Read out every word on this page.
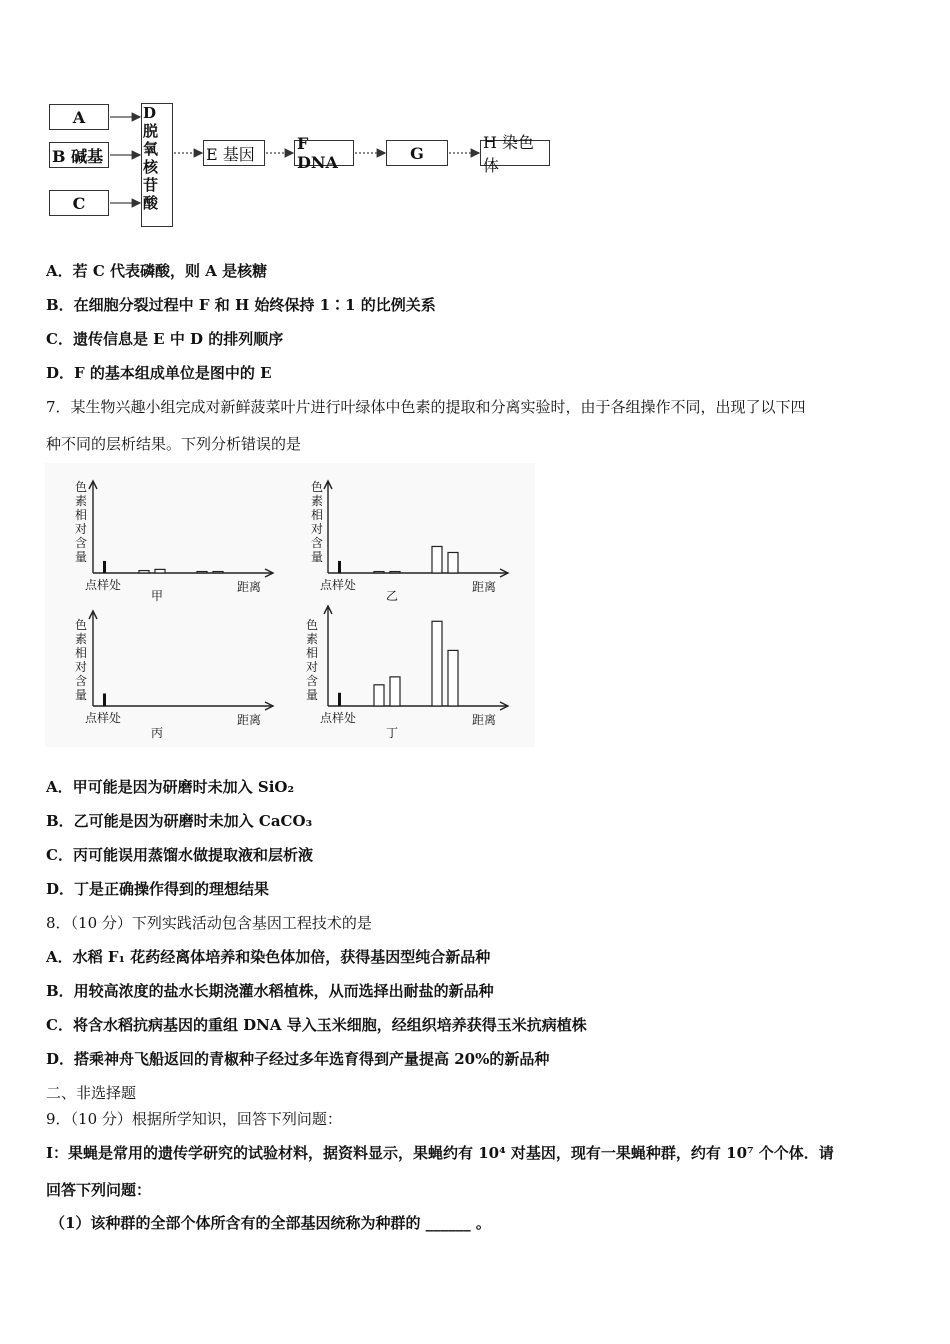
A
B 碱基
C
D
脱
氧
核
苷
酸
E 基因
F DNA	G
H 染色体
A．若 C 代表磷酸，则 A 是核糖
B．在细胞分裂过程中 F 和 H 始终保持 1∶1 的比例关系
C．遗传信息是 E 中 D 的排列顺序
D．F 的基本组成单位是图中的 E
7．某生物兴趣小组完成对新鲜菠菜叶片进行叶绿体中色素的提取和分离实验时，由于各组操作不同，出现了以下四
种不同的层析结果。下列分析错误的是
色
素
相
对
含
量
点样处	距离
甲
色
素
相
对
含
量
点样处	距离
乙
色
素
相
对
含
量
点样处	距离
丙
色
素
相
对
含
量
点样处	距离
丁
A．甲可能是因为研磨时未加入 SiO₂
B．乙可能是因为研磨时未加入 CaCO₃
C．丙可能误用蒸馏水做提取液和层析液
D．丁是正确操作得到的理想结果
8．（10 分）下列实践活动包含基因工程技术的是
A．水稻 F₁ 花药经离体培养和染色体加倍，获得基因型纯合新品种
B．用较高浓度的盐水长期浇灌水稻植株，从而选择出耐盐的新品种
C．将含水稻抗病基因的重组 DNA 导入玉米细胞，经组织培养获得玉米抗病植株
D．搭乘神舟飞船返回的青椒种子经过多年选育得到产量提高 20%的新品种
二、非选择题
9．（10 分）根据所学知识，回答下列问题：
I：果蝇是常用的遗传学研究的试验材料，据资料显示，果蝇约有 10⁴ 对基因，现有一果蝇种群，约有 10⁷ 个个体．请
回答下列问题：
（1）该种群的全部个体所含有的全部基因统称为种群的 ______ 。
